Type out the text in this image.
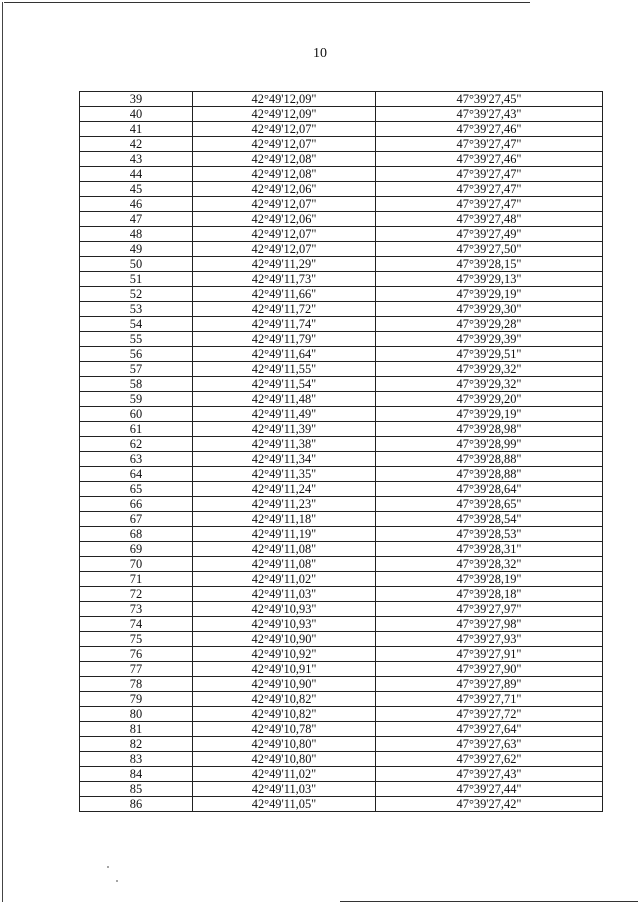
10
39	42°49'12,09"	47°39'27,45"
40	42°49'12,09"	47°39'27,43"
41	42°49'12,07"	47°39'27,46"
42	42°49'12,07"	47°39'27,47"
43	42°49'12,08"	47°39'27,46"
44	42°49'12,08"	47°39'27,47"
45	42°49'12,06"	47°39'27,47"
46	42°49'12,07"	47°39'27,47"
47	42°49'12,06"	47°39'27,48"
48	42°49'12,07"	47°39'27,49"
49	42°49'12,07"	47°39'27,50"
50	42°49'11,29"	47°39'28,15"
51	42°49'11,73"	47°39'29,13"
52	42°49'11,66"	47°39'29,19"
53	42°49'11,72"	47°39'29,30"
54	42°49'11,74"	47°39'29,28"
55	42°49'11,79"	47°39'29,39"
56	42°49'11,64"	47°39'29,51"
57	42°49'11,55"	47°39'29,32"
58	42°49'11,54"	47°39'29,32"
59	42°49'11,48"	47°39'29,20"
60	42°49'11,49"	47°39'29,19"
61	42°49'11,39"	47°39'28,98"
62	42°49'11,38"	47°39'28,99"
63	42°49'11,34"	47°39'28,88"
64	42°49'11,35"	47°39'28,88"
65	42°49'11,24"	47°39'28,64"
66	42°49'11,23"	47°39'28,65"
67	42°49'11,18"	47°39'28,54"
68	42°49'11,19"	47°39'28,53"
69	42°49'11,08"	47°39'28,31"
70	42°49'11,08"	47°39'28,32"
71	42°49'11,02"	47°39'28,19"
72	42°49'11,03"	47°39'28,18"
73	42°49'10,93"	47°39'27,97"
74	42°49'10,93"	47°39'27,98"
75	42°49'10,90"	47°39'27,93"
76	42°49'10,92"	47°39'27,91"
77	42°49'10,91"	47°39'27,90"
78	42°49'10,90"	47°39'27,89"
79	42°49'10,82"	47°39'27,71"
80	42°49'10,82"	47°39'27,72"
81	42°49'10,78"	47°39'27,64"
82	42°49'10,80"	47°39'27,63"
83	42°49'10,80"	47°39'27,62"
84	42°49'11,02"	47°39'27,43"
85	42°49'11,03"	47°39'27,44"
86	42°49'11,05"	47°39'27,42"
